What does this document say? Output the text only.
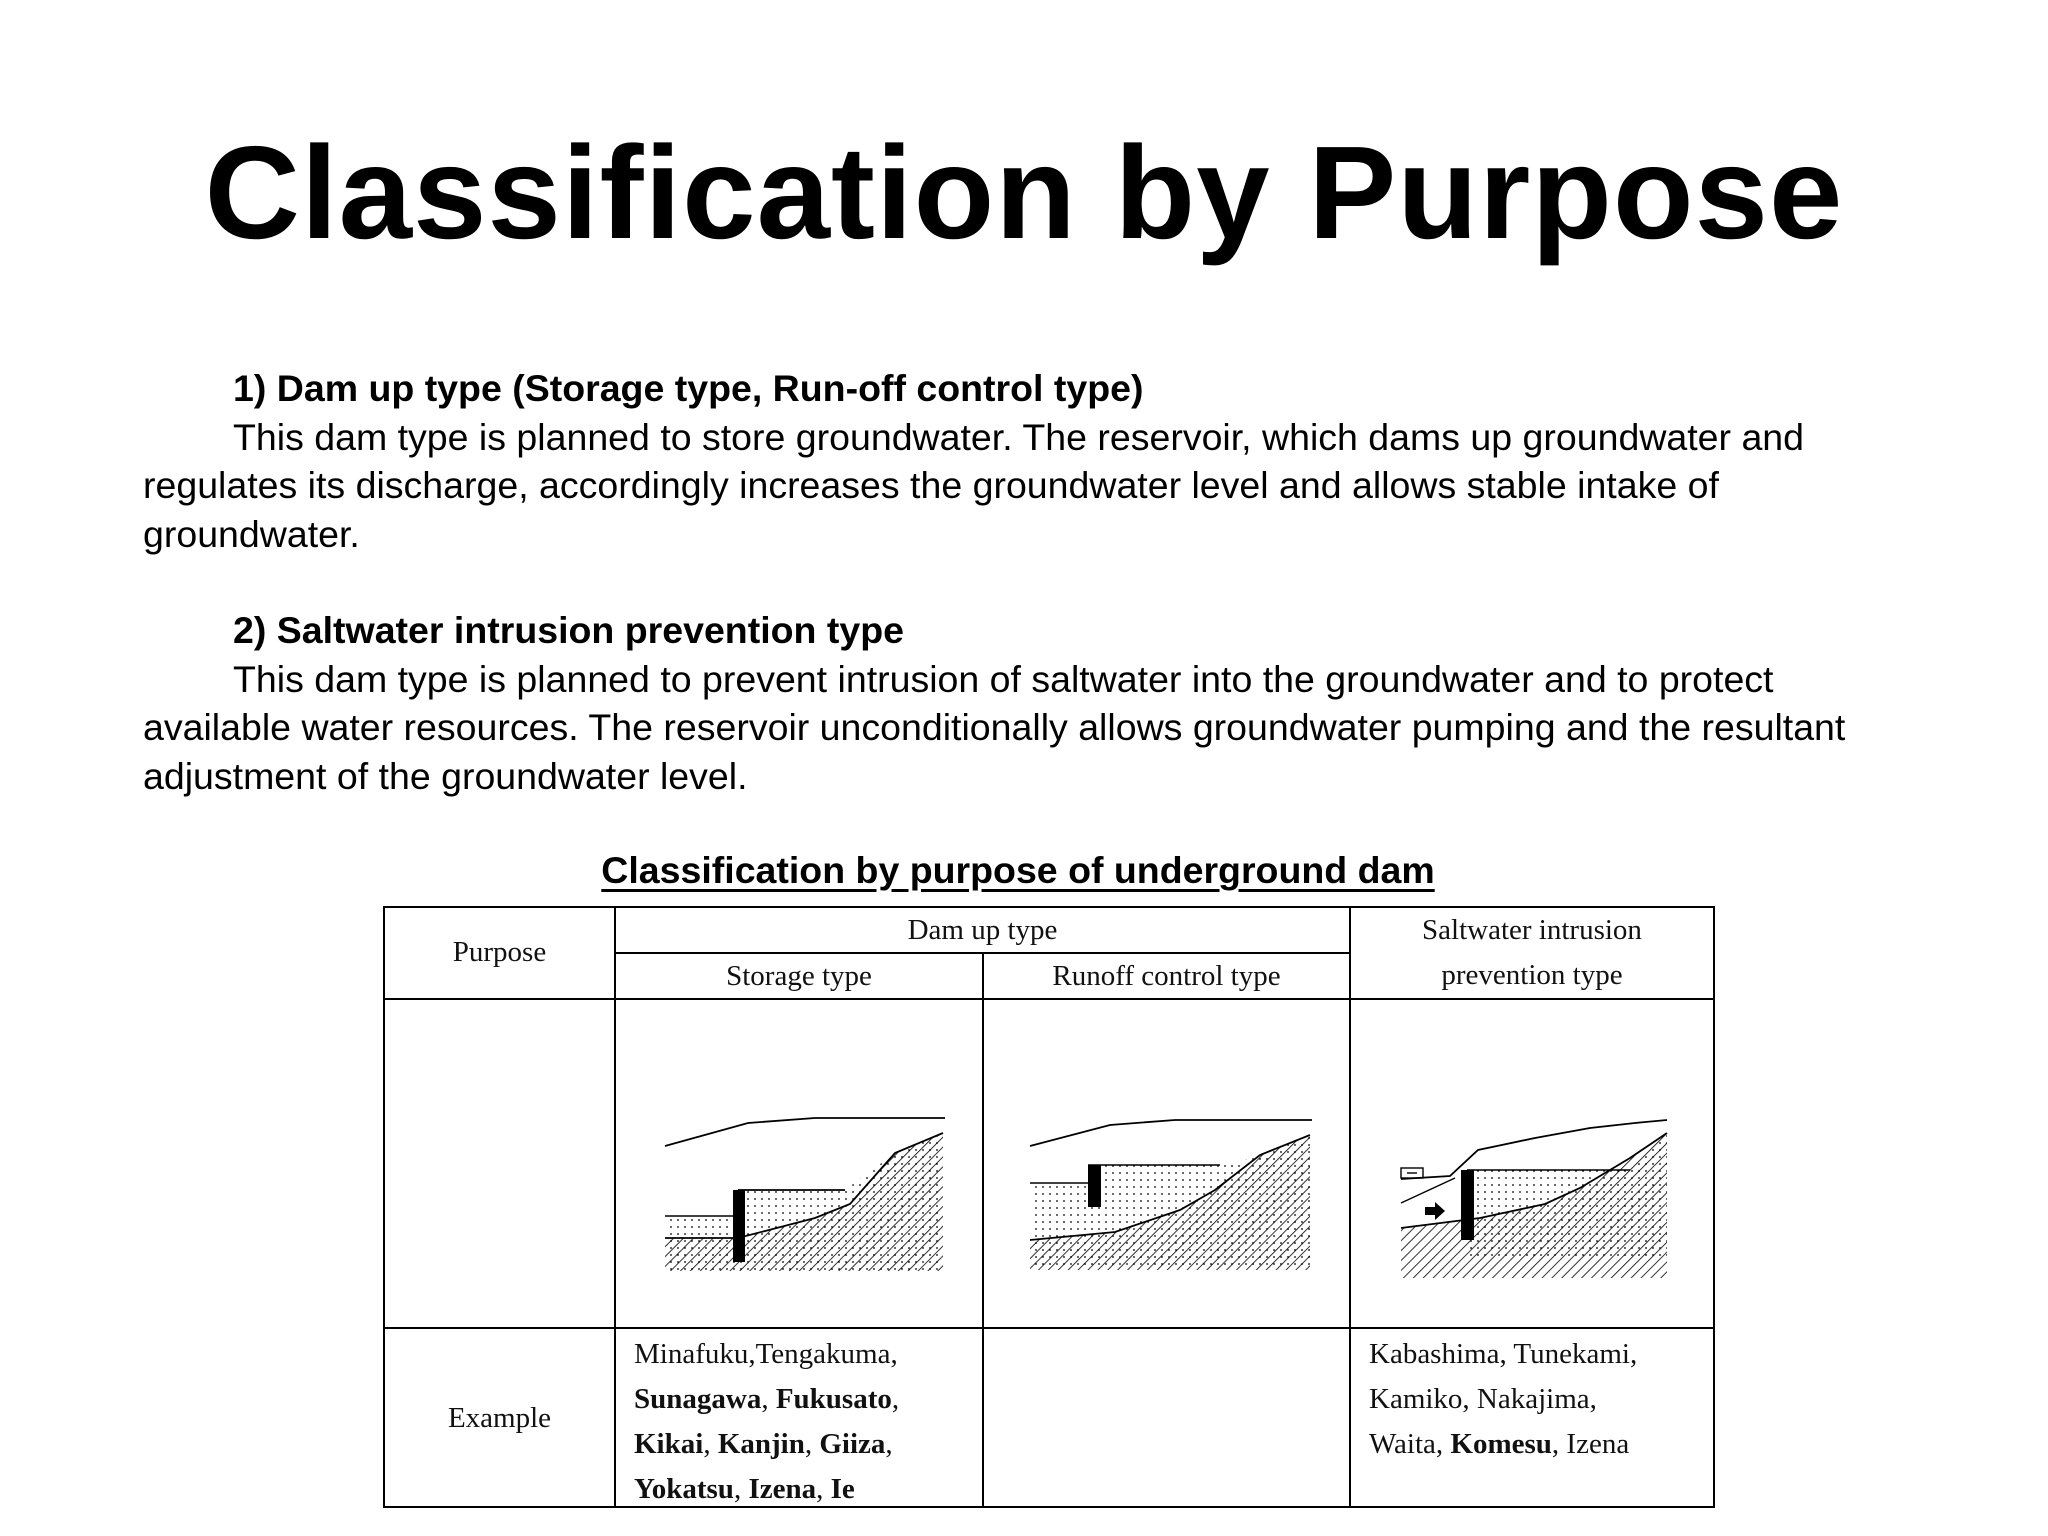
Classification by Purpose
1) Dam up type (Storage type, Run-off control type)
This dam type is planned to store groundwater. The reservoir, which dams up groundwater and regulates its discharge, accordingly increases the groundwater level and allows stable intake of groundwater.
2) Saltwater intrusion prevention type
This dam type is planned to prevent intrusion of saltwater into the groundwater and to protect available water resources. The reservoir unconditionally allows groundwater pumping and the resultant adjustment of the groundwater level.
Classification by purpose of underground dam
Purpose
Dam up type
Storage type	Runoff control type
Saltwater intrusion
prevention type
Example
Minafuku,Tengakuma,
Sunagawa, Fukusato,
Kikai, Kanjin, Giiza,
Yokatsu, Izena, Ie
Kabashima, Tunekami,
Kamiko, Nakajima,
Waita, Komesu, Izena
